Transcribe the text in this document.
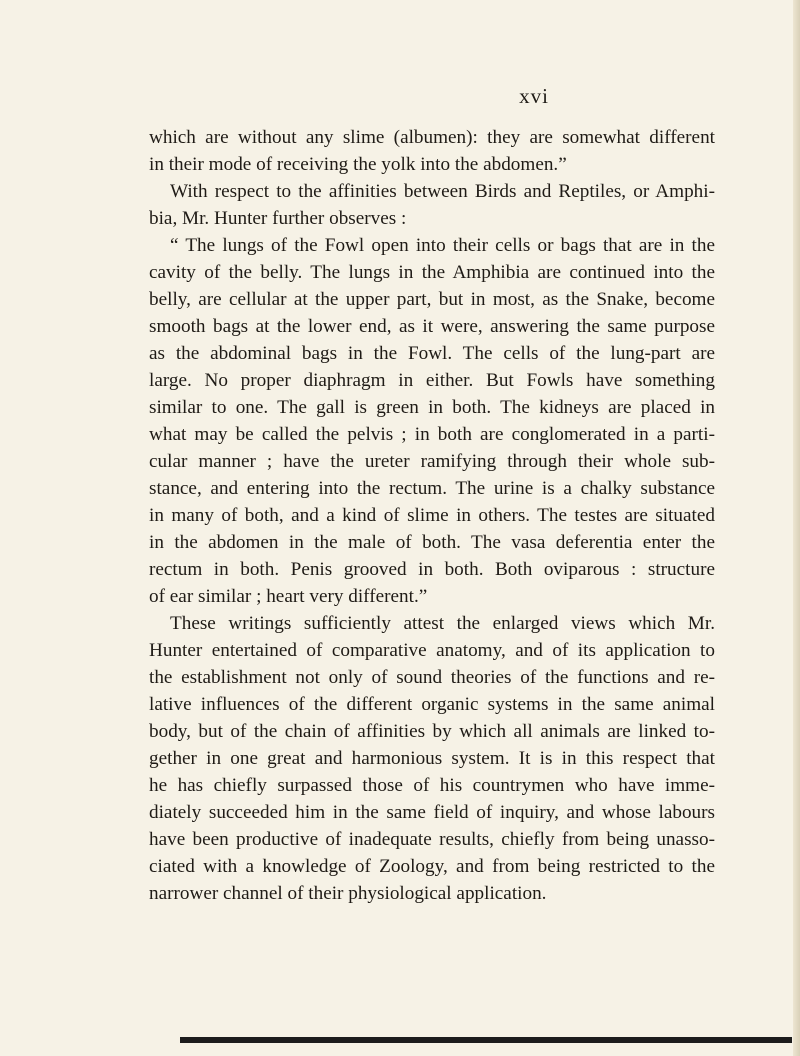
xvi
which are without any slime (albumen): they are somewhat different
in their mode of receiving the yolk into the abdomen.”
With respect to the affinities between Birds and Reptiles, or Amphi-
bia, Mr. Hunter further observes :
“ The lungs of the Fowl open into their cells or bags that are in the
cavity of the belly. The lungs in the Amphibia are continued into the
belly, are cellular at the upper part, but in most, as the Snake, become
smooth bags at the lower end, as it were, answering the same purpose
as the abdominal bags in the Fowl. The cells of the lung-part are
large. No proper diaphragm in either. But Fowls have something
similar to one. The gall is green in both. The kidneys are placed in
what may be called the pelvis ; in both are conglomerated in a parti-
cular manner ; have the ureter ramifying through their whole sub-
stance, and entering into the rectum. The urine is a chalky substance
in many of both, and a kind of slime in others. The testes are situated
in the abdomen in the male of both. The vasa deferentia enter the
rectum in both. Penis grooved in both. Both oviparous : structure
of ear similar ; heart very different.”
These writings sufficiently attest the enlarged views which Mr.
Hunter entertained of comparative anatomy, and of its application to
the establishment not only of sound theories of the functions and re-
lative influences of the different organic systems in the same animal
body, but of the chain of affinities by which all animals are linked to-
gether in one great and harmonious system. It is in this respect that
he has chiefly surpassed those of his countrymen who have imme-
diately succeeded him in the same field of inquiry, and whose labours
have been productive of inadequate results, chiefly from being unasso-
ciated with a knowledge of Zoology, and from being restricted to the
narrower channel of their physiological application.
